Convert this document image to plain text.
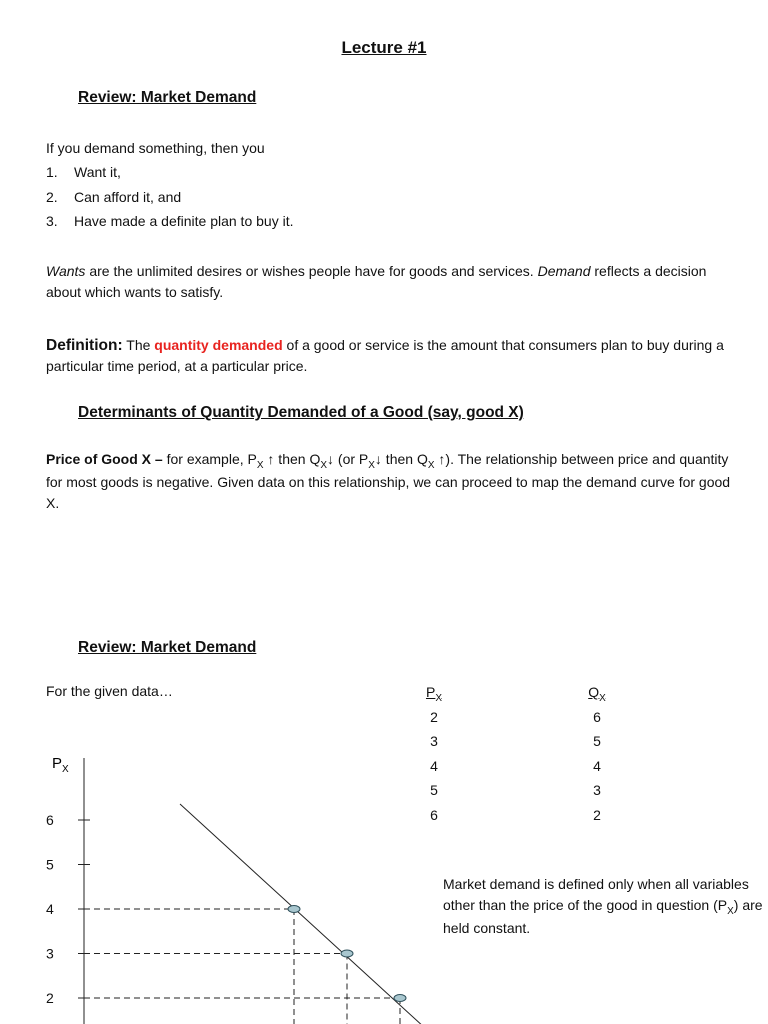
Lecture #1
Review: Market Demand
If you demand something, then you
1. Want it,
2. Can afford it, and
3. Have made a definite plan to buy it.
Wants are the unlimited desires or wishes people have for goods and services. Demand reflects a decision about which wants to satisfy.
Definition: The quantity demanded of a good or service is the amount that consumers plan to buy during a particular time period, at a particular price.
Determinants of Quantity Demanded of a Good (say, good X)
Price of Good X – for example, $P_X$ ↑ then $Q_X↓$ (or $P_X↓$ then $Q_X$ ↑). The relationship between price and quantity for most goods is negative. Given data on this relationship, we can proceed to map the demand curve for good X.
Review: Market Demand
For the given data…	$P_X$
2
3
4
5
6
$Q_X$
6
5
4
3
2
Market demand is defined only when all variables other than the price of the good in question $(P_X)$ are held constant.
$P_X$
6
5
4
3
2
